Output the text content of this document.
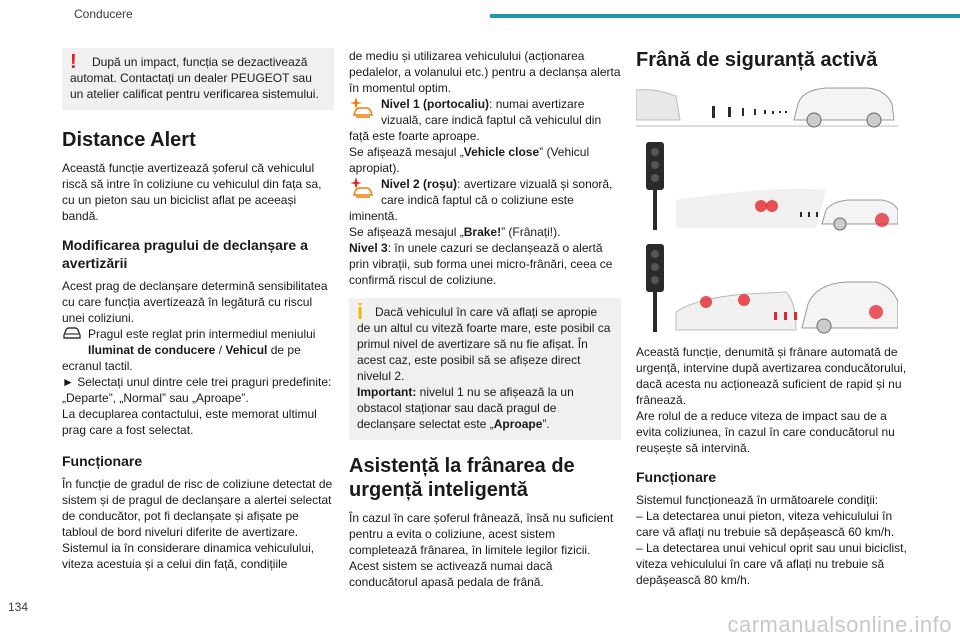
Conducere
!	După un impact, funcția se dezactivează automat. Contactați un dealer PEUGEOT sau un atelier calificat pentru verificarea sistemului.

Distance Alert

Această funcție avertizează șoferul că vehiculul riscă să intre în coliziune cu vehiculul din fața sa, cu un pieton sau un biciclist aflat pe aceeași bandă.

Modificarea pragului de declanșare a avertizării

Acest prag de declanșare determină sensibilitatea cu care funcția avertizează în legătură cu riscul unei coliziuni.

Pragul este reglat prin intermediul meniului Iluminat de conducere / Vehicul de pe ecranul tactil.

► Selectați unul dintre cele trei praguri predefinite: „Departe”, „Normal” sau „Aproape”.

La decuplarea contactului, este memorat ultimul prag care a fost selectat.

Funcționare

În funcție de gradul de risc de coliziune detectat de sistem și de pragul de declanșare a alertei selectat de conducător, pot fi declanșate și afișate pe tabloul de bord niveluri diferite de avertizare.

Sistemul ia în considerare dinamica vehiculului, viteza acestuia și a celui din față, condițiile

de mediu și utilizarea vehiculului (acționarea pedalelor, a volanului etc.) pentru a declanșa alerta în momentul optim.

Nivel 1 (portocaliu): numai avertizare vizuală, care indică faptul că vehiculul din față este foarte aproape.

Se afișează mesajul „Vehicle close” (Vehicul apropiat).

Nivel 2 (roșu): avertizare vizuală și sonoră, care indică faptul că o coliziune este iminentă.

Se afișează mesajul „Brake!” (Frânați!).

Nivel 3: în unele cazuri se declanșează o alertă prin vibrații, sub forma unei micro-frânări, ceea ce confirmă riscul de coliziune.

i Dacă vehiculul în care vă aflați se apropie de un altul cu viteză foarte mare, este posibil ca primul nivel de avertizare să nu fie afișat. În acest caz, este posibil să se afișeze direct nivelul 2.

Important: nivelul 1 nu se afișează la un obstacol staționar sau dacă pragul de declanșare selectat este „Aproape”.

Asistență la frânarea de urgență inteligentă

În cazul în care șoferul frânează, însă nu suficient pentru a evita o coliziune, acest sistem completează frânarea, în limitele legilor fizicii.

Acest sistem se activează numai dacă conducătorul apasă pedala de frână.

Frână de siguranță activă

Această funcție, denumită și frânare automată de urgență, intervine după avertizarea conducătorului, dacă acesta nu acționează suficient de rapid și nu frânează.

Are rolul de a reduce viteza de impact sau de a evita coliziunea, în cazul în care conducătorul nu reușește să intervină.

Funcționare

Sistemul funcționează în următoarele condiții:

– La detectarea unui pieton, viteza vehiculului în care vă aflați nu trebuie să depășească 60 km/h.

– La detectarea unui vehicul oprit sau unui biciclist, viteza vehiculului în care vă aflați nu trebuie să depășească 80 km/h.

134
carmanualsonline.info
